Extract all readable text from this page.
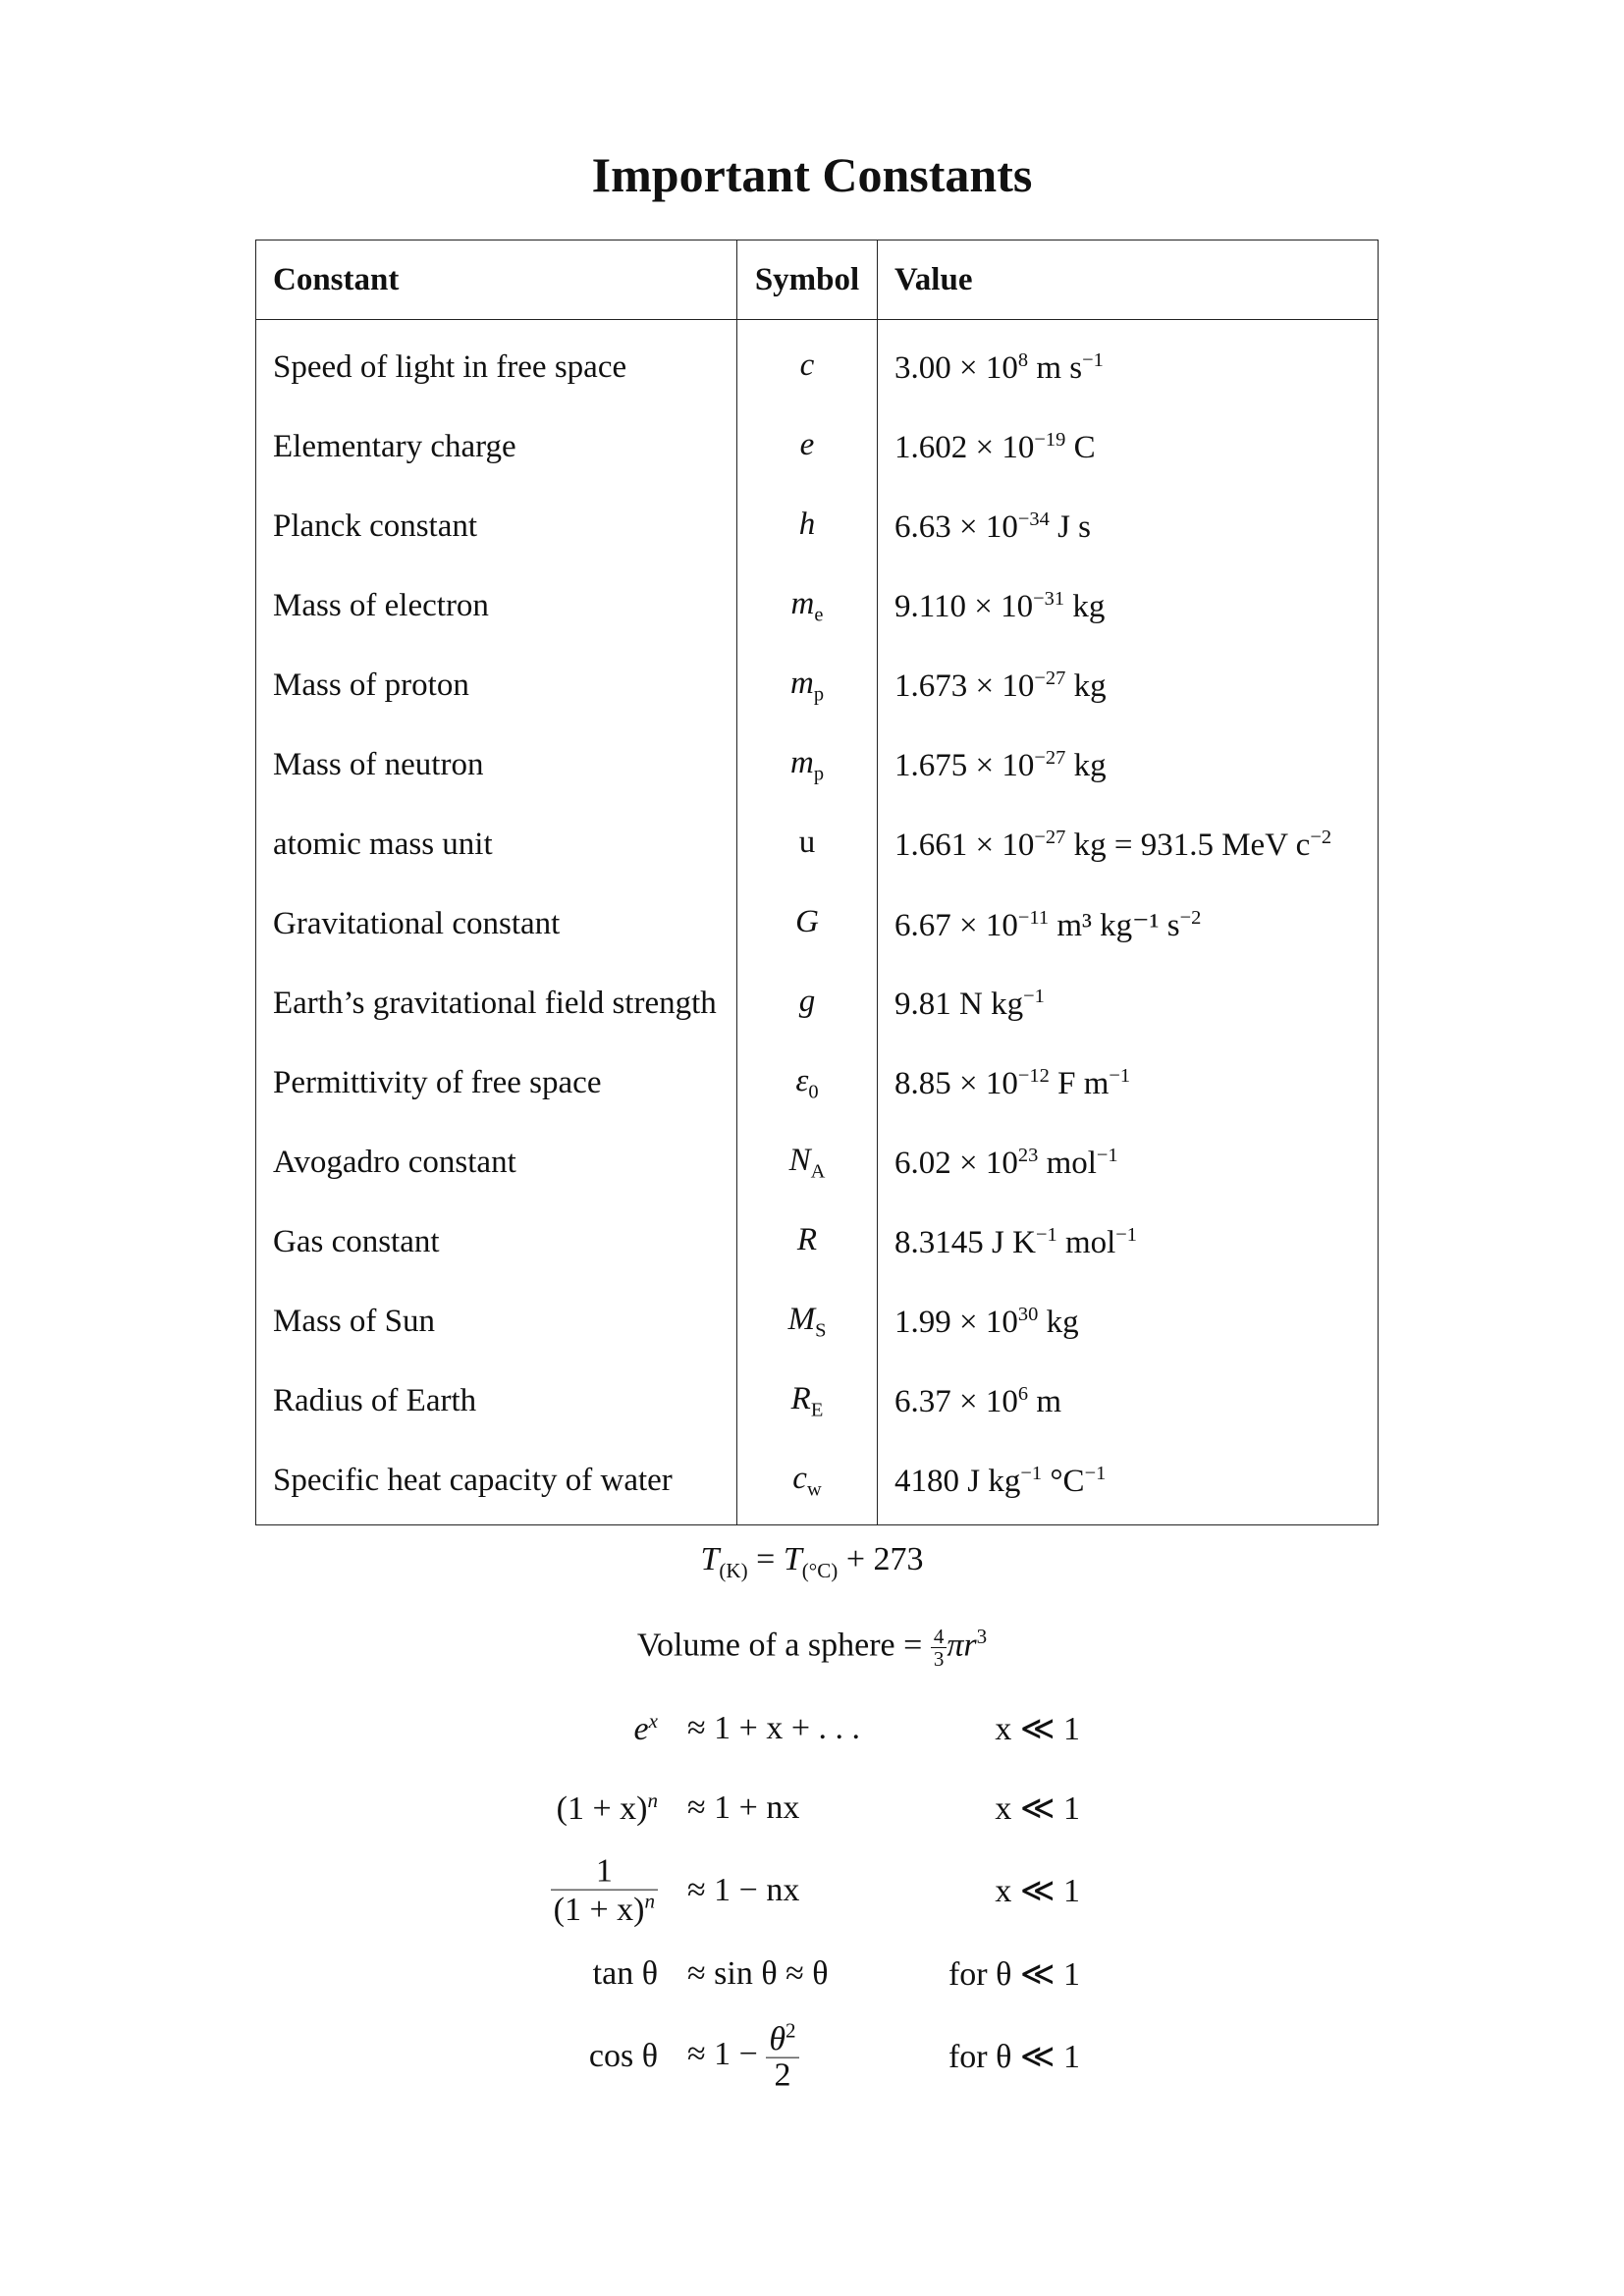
Important Constants
Constant	Symbol	Value
Speed of light in free space	c	$3.00 \times 10^8$ m $s^{-1}$
Elementary charge	e	$1.602 \times 10^{-19}$ C
Planck constant	h	$6.63 \times 10^{-34}$ J s
Mass of electron	$m_e$	$9.110 \times 10^{-31}$ kg
Mass of proton	$m_p$	$1.673 \times 10^{-27}$ kg
Mass of neutron	$m_p$	$1.675 \times 10^{-27}$ kg
atomic mass unit	u	$1.661 \times 10^{-27}$ kg = 931.5 MeV $c^{-2}$
Gravitational constant	G	$6.67 \times 10^{-11}$ m³ kg⁻¹ $s^{-2}$
Earth’s gravitational field strength	g	9.81 N $kg^{-1}$
Permittivity of free space	$\varepsilon_0$	$8.85 \times 10^{-12}$ F $m^{-1}$
Avogadro constant	$N_A$	$6.02 \times 10^{23}$ mol$^{-1}$
Gas constant	R	8.3145 J $K^{-1}$ mol$^{-1}$
Mass of Sun	$M_S$	$1.99 \times 10^{30}$ kg
Radius of Earth	$R_E$	$6.37 \times 10^6$ m
Specific heat capacity of water	$c_w$	4180 J $kg^{-1}$ $^\circ C^{-1}$
$T_{(K)} = T_{(^\circ C)} + 273$
Volume of a sphere = $\frac{4}{3} \pi r^3$
$e^x \approx 1 + x$ + . . .	x ≪ 1
$(1 + x)^n \approx 1$ + nx	x ≪ 1
$\frac{1}{(1 + x)^n} \approx 1$ − nx	x ≪ 1
tan θ ≈ sin θ ≈ θ	for θ ≪ 1
$\cos \theta \approx 1 - \frac{\theta^2}{2}$	for θ ≪ 1
